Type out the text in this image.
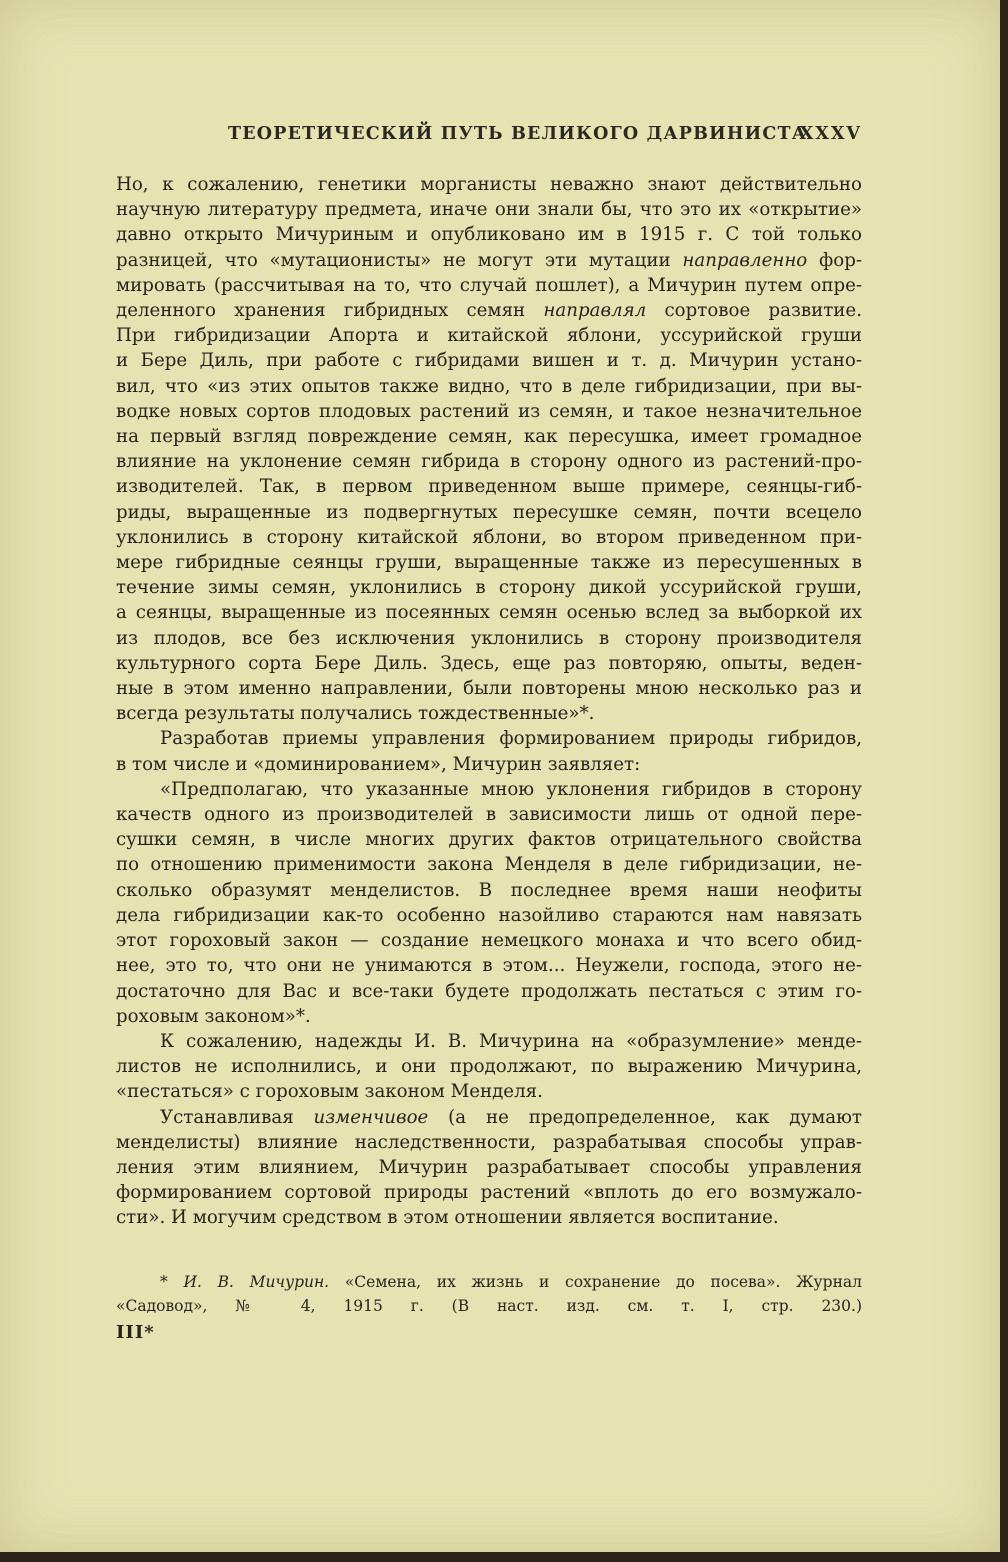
ТЕОРЕТИЧЕСКИЙ ПУТЬ ВЕЛИКОГО ДАРВИНИСТА
XXXV

Но, к сожалению, генетики морганисты неважно знают действительно
научную литературу предмета, иначе они знали бы, что это их «открытие»
давно открыто Мичуриным и опубликовано им в 1915 г. С той только
разницей, что «мутационисты» не могут эти мутации направленно фор-
мировать (рассчитывая на то, что случай пошлет), а Мичурин путем опре-
деленного хранения гибридных семян направлял сортовое развитие.
При гибридизации Апорта и китайской яблони, уссурийской груши
и Бере Диль, при работе с гибридами вишен и т. д. Мичурин устано-
вил, что «из этих опытов также видно, что в деле гибридизации, при вы-
водке новых сортов плодовых растений из семян, и такое незначительное
на первый взгляд повреждение семян, как пересушка, имеет громадное
влияние на уклонение семян гибрида в сторону одного из растений-про-
изводителей. Так, в первом приведенном выше примере, сеянцы-гиб-
риды, выращенные из подвергнутых пересушке семян, почти всецело
уклонились в сторону китайской яблони, во втором приведенном при-
мере гибридные сеянцы груши, выращенные также из пересушенных в
течение зимы семян, уклонились в сторону дикой уссурийской груши,
а сеянцы, выращенные из посеянных семян осенью вслед за выборкой их
из плодов, все без исключения уклонились в сторону производителя
культурного сорта Бере Диль. Здесь, еще раз повторяю, опыты, веден-
ные в этом именно направлении, были повторены мною несколько раз и
всегда результаты получались тождественные»*.

Разработав приемы управления формированием природы гибридов,

в том числе и «доминированием», Мичурин заявляет:

«Предполагаю, что указанные мною уклонения гибридов в сторону

качеств одного из производителей в зависимости лишь от одной пере-
сушки семян, в числе многих других фактов отрицательного свойства
по отношению применимости закона Менделя в деле гибридизации, не-
сколько образумят менделистов. В последнее время наши неофиты
дела гибридизации как-то особенно назойливо стараются нам навязать
этот гороховый закон — создание немецкого монаха и что всего обид-
нее, это то, что они не унимаются в этом... Неужели, господа, этого не-
достаточно для Вас и все-таки будете продолжать пестаться с этим го-
роховым законом»*.

К сожалению, надежды И. В. Мичурина на «образумление» менде-

листов не исполнились, и они продолжают, по выражению Мичурина,
«пестаться» с гороховым законом Менделя.

Устанавливая изменчивое (а не предопределенное, как думают

менделисты) влияние наследственности, разрабатывая способы управ-
ления этим влиянием, Мичурин разрабатывает способы управления
формированием сортовой природы растений «вплоть до его возмужало-
сти». И могучим средством в этом отношении является воспитание.

* И. В. Мичурин. «Семена, их жизнь и сохранение до посева». Журнал
«Садовод», № 4, 1915 г. (В наст. изд. см. т. I, стр. 230.)
III*
